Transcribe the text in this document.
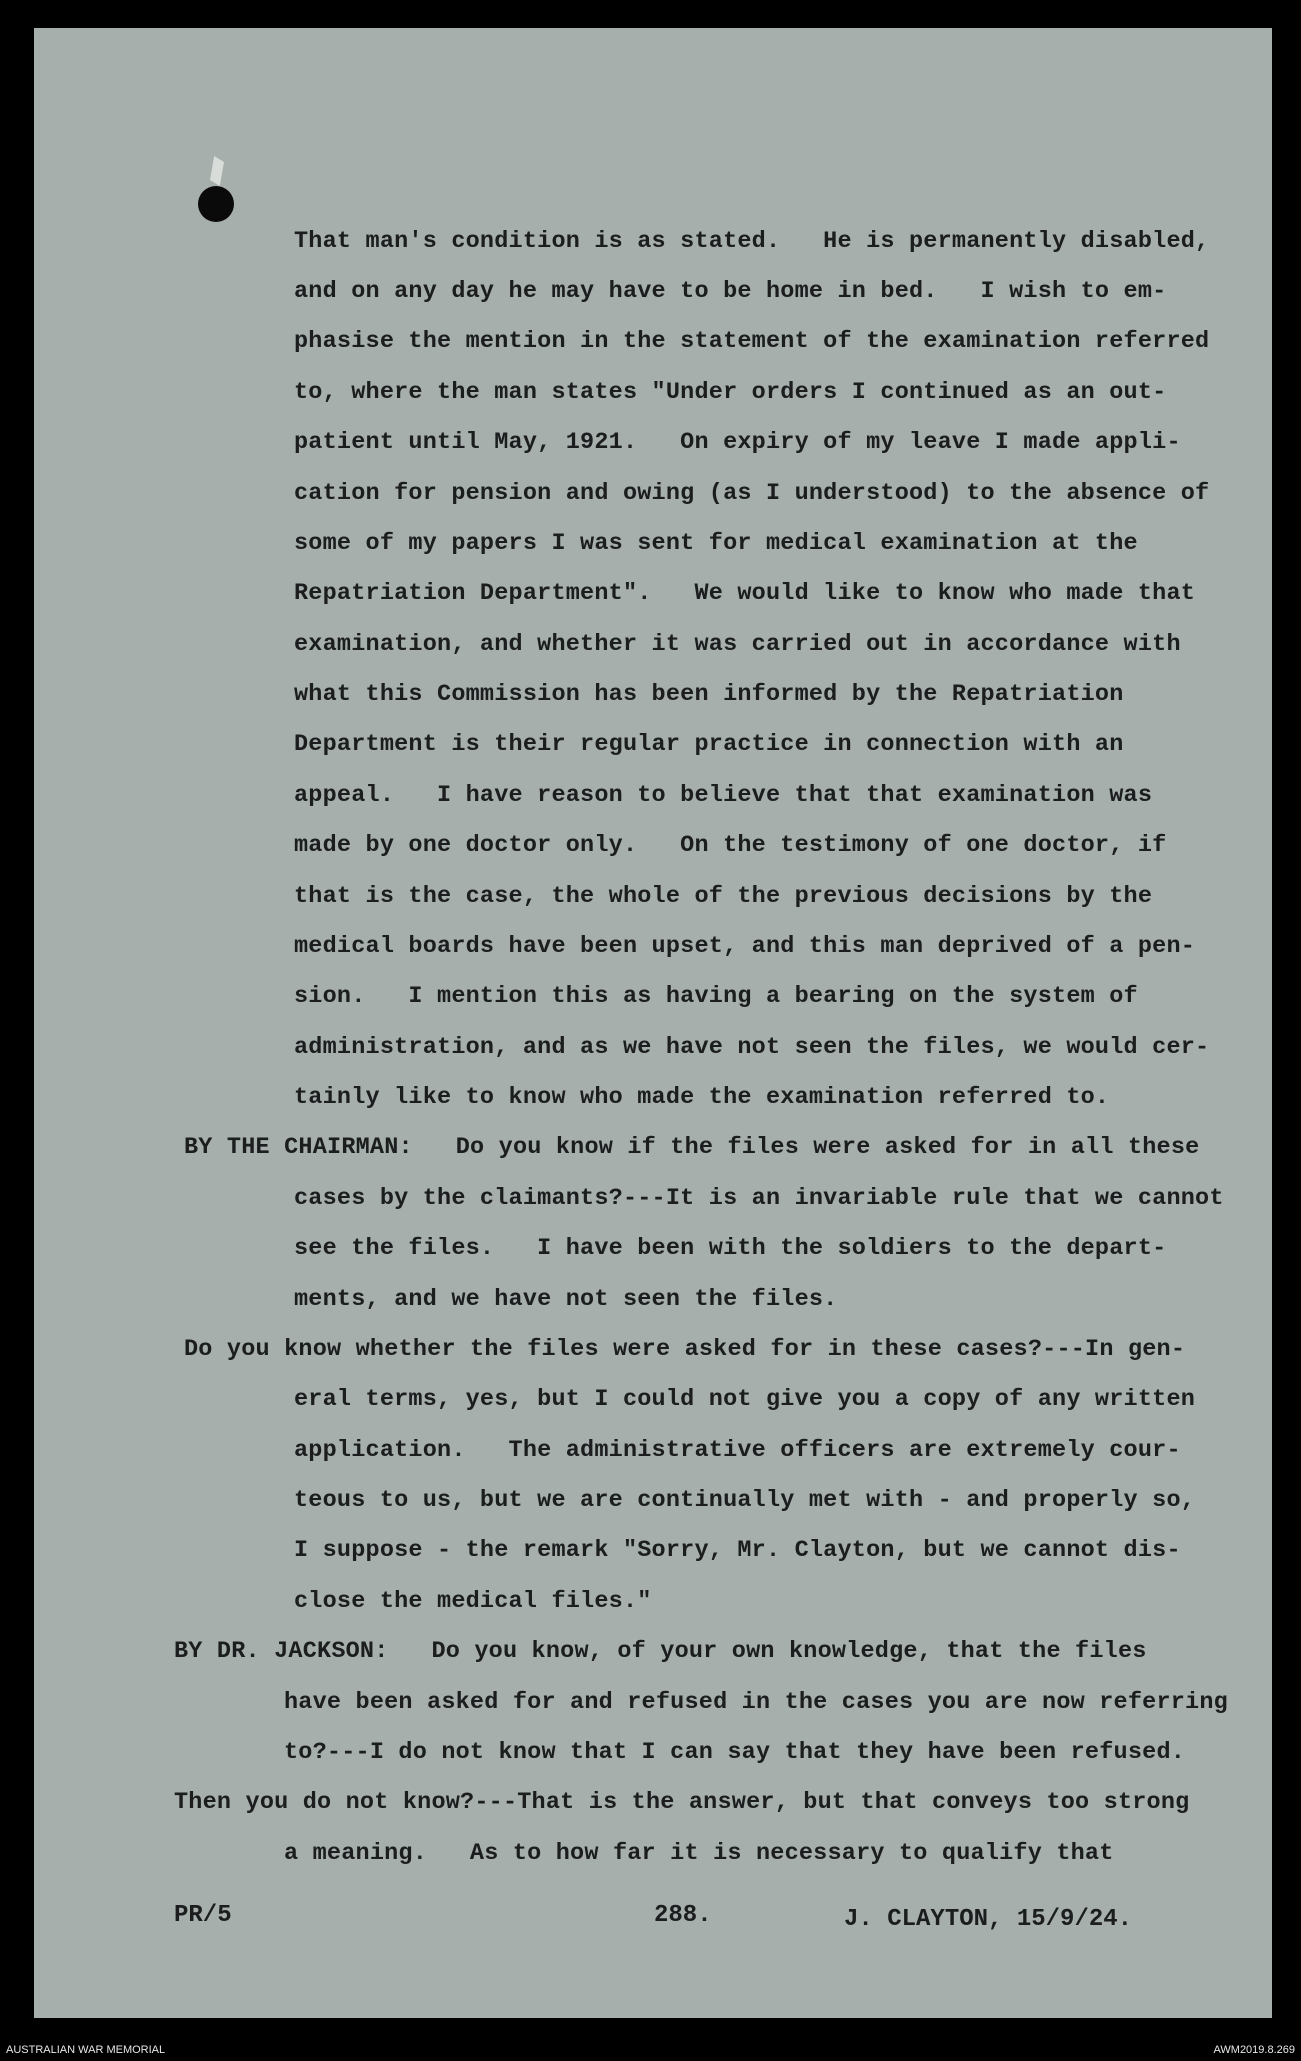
That man's condition is as stated.   He is permanently disabled,
and on any day he may have to be home in bed.   I wish to em-
phasise the mention in the statement of the examination referred
to, where the man states "Under orders I continued as an out-
patient until May, 1921.   On expiry of my leave I made appli-
cation for pension and owing (as I understood) to the absence of
some of my papers I was sent for medical examination at the
Repatriation Department".   We would like to know who made that
examination, and whether it was carried out in accordance with
what this Commission has been informed by the Repatriation
Department is their regular practice in connection with an
appeal.   I have reason to believe that that examination was
made by one doctor only.   On the testimony of one doctor, if
that is the case, the whole of the previous decisions by the
medical boards have been upset, and this man deprived of a pen-
sion.   I mention this as having a bearing on the system of
administration, and as we have not seen the files, we would cer-
tainly like to know who made the examination referred to.
BY THE CHAIRMAN:   Do you know if the files were asked for in all these
cases by the claimants?---It is an invariable rule that we cannot
see the files.   I have been with the soldiers to the depart-
ments, and we have not seen the files.
Do you know whether the files were asked for in these cases?---In gen-
eral terms, yes, but I could not give you a copy of any written
application.   The administrative officers are extremely cour-
teous to us, but we are continually met with - and properly so,
I suppose - the remark "Sorry, Mr. Clayton, but we cannot dis-
close the medical files."
BY DR. JACKSON:   Do you know, of your own knowledge, that the files
have been asked for and refused in the cases you are now referring
to?---I do not know that I can say that they have been refused.
Then you do not know?---That is the answer, but that conveys too strong
a meaning.   As to how far it is necessary to qualify that
PR/5	288.	J. CLAYTON, 15/9/24.
AUSTRALIAN WAR MEMORIAL	AWM2019.8.269
